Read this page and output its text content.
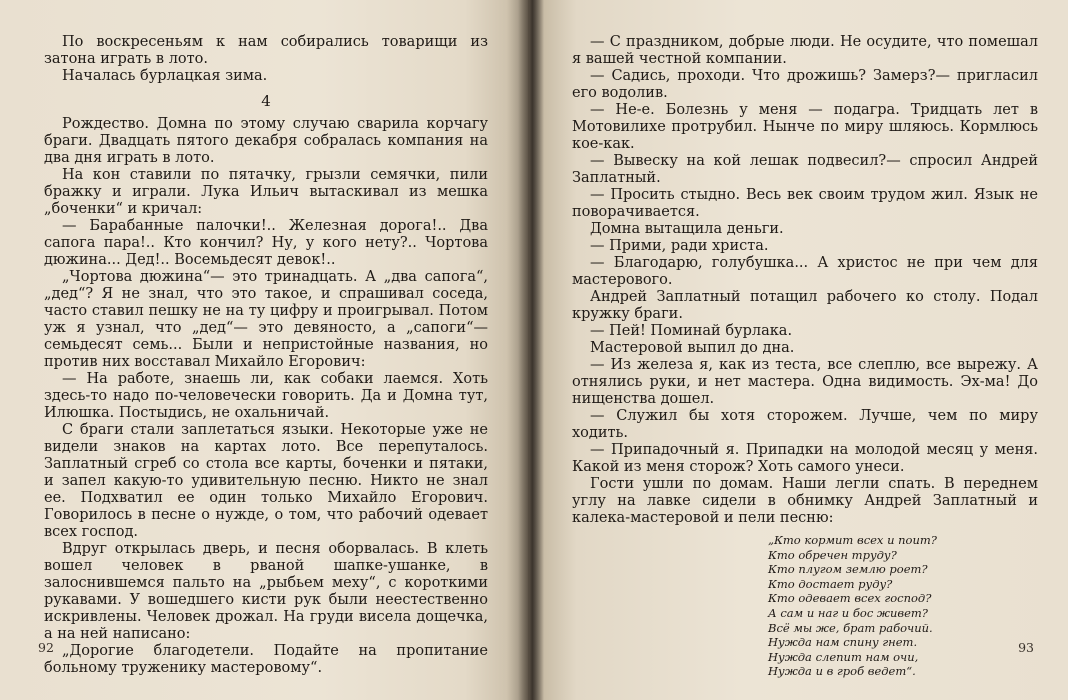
По воскресеньям к нам собирались товарищи из затона играть в лото.

Началась бурлацкая зима.

4

Рождество. Домна по этому случаю сварила корчагу браги. Двадцать пятого декабря собралась компания на два дня играть в лото.

На кон ставили по пятачку, грызли семячки, пили бражку и играли. Лука Ильич вытаскивал из мешка „боченки“ и кричал:

— Барабанные палочки!.. Железная дорога!.. Два сапога пара!.. Кто кончил? Ну, у кого нету?.. Чортова дюжина... Дед!.. Восемьдесят девок!..

„Чортова дюжина“— это тринадцать. А „два сапога“, „дед“? Я не знал, что это такое, и спрашивал соседа, часто ставил пешку не на ту цифру и проигрывал. Потом уж я узнал, что „дед“— это девяносто, а „сапоги“— семьдесят семь... Были и непристойные названия, но против них восставал Михайло Егорович:

— На работе, знаешь ли, как собаки лаемся. Хоть здесь-то надо по-человечески говорить. Да и Домна тут, Илюшка. Постыдись, не охальничай.

С браги стали заплетаться языки. Некоторые уже не видели знаков на картах лото. Все перепуталось. Заплатный сгреб со стола все карты, боченки и пятаки, и запел какую-то удивительную песню. Никто не знал ее. Подхватил ее один только Михайло Егорович. Говорилось в песне о нужде, о том, что рабочий одевает всех господ.

Вдруг открылась дверь, и песня оборвалась. В клеть вошел человек в рваной шапке-ушанке, в залоснившемся пальто на „рыбьем меху“, с короткими рукавами. У вошедшего кисти рук были неестественно искривлены. Человек дрожал. На груди висела дощечка, а на ней написано:

„Дорогие благодетели. Подайте на пропитание больному труженику мастеровому“.

92

— С праздником, добрые люди. Не осудите, что помешал я вашей честной компании.

— Садись, проходи. Что дрожишь? Замерз?— пригласил его водолив.

— Не-е. Болезнь у меня — подагра. Тридцать лет в Мотовилихе протрубил. Нынче по миру шляюсь. Кормлюсь кое-как.

— Вывеску на кой лешак подвесил?— спросил Андрей Заплатный.

— Просить стыдно. Весь век своим трудом жил. Язык не поворачивается.

Домна вытащила деньги.

— Прими, ради христа.

— Благодарю, голубушка... А христос не при чем для мастерового.

Андрей Заплатный потащил рабочего ко столу. Подал кружку браги.

— Пей! Поминай бурлака.

Мастеровой выпил до дна.

— Из железа я, как из теста, все слеплю, все вырежу. А отнялись руки, и нет мастера. Одна видимость. Эх-ма! До нищенства дошел.

— Служил бы хотя сторожем. Лучше, чем по миру ходить.

— Припадочный я. Припадки на молодой месяц у меня. Какой из меня сторож? Хоть самого унеси.

Гости ушли по домам. Наши легли спать. В переднем углу на лавке сидели в обнимку Андрей Заплатный и калека-мастеровой и пели песню:

„Кто кормит всех и поит?
Кто обречен труду?
Кто плугом землю роет?
Кто достает руду?
Кто одевает всех господ?
А сам и наг и бос живет?
Всё мы же, брат рабочий.
Нужда нам спину гнет.
Нужда слепит нам очи,
Нужда и в гроб ведет“.
93
